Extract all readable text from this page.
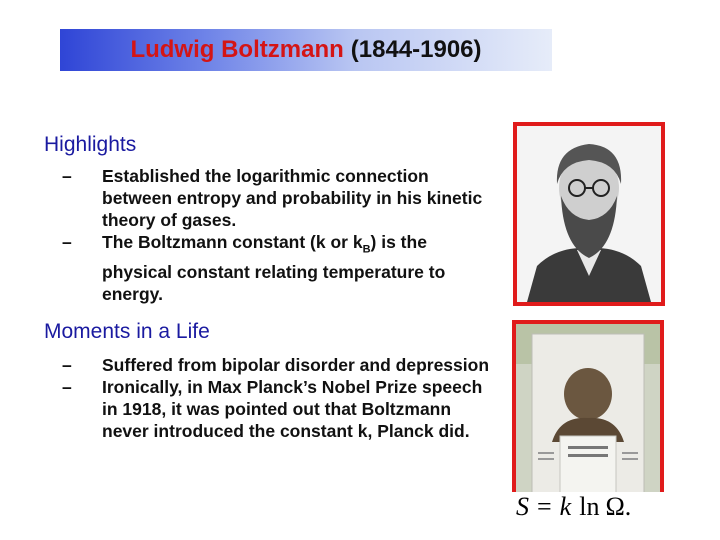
Ludwig Boltzmann (1844-1906)
Highlights
– Established the logarithmic connection between entropy and probability in his kinetic theory of gases.
– The Boltzmann constant (k or $k_B$) is the physical constant relating temperature to energy.
Moments in a Life
– Suffered from bipolar disorder and depression
– Ironically, in Max Planck’s Nobel Prize speech in 1918, it was pointed out that Boltzmann never introduced the constant k, Planck did.
S = k ln Ω.
